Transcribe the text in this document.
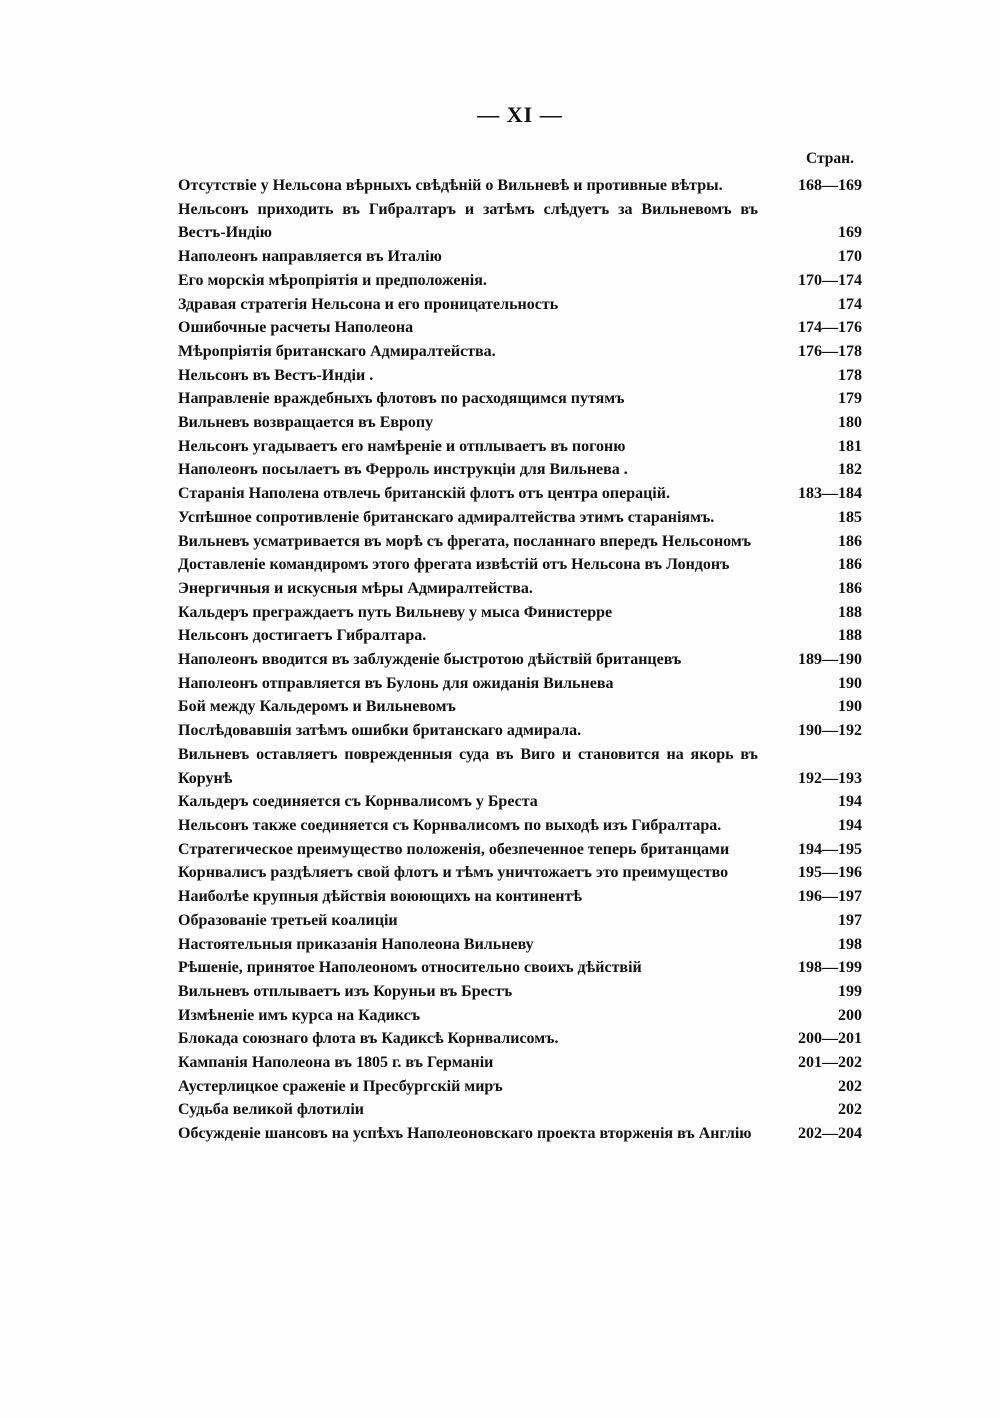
— XI —
Стран.
Отсутствіе у Нельсона вѣрныхъ свѣдѣній о Вильневѣ и противные вѣтры.	168—169
Нельсонъ приходить въ Гибралтаръ и затѣмъ слѣдуетъ за Вильневомъ въ Вестъ-Индію	169
Наполеонъ направляется въ Италію	170
Его морскія мѣропріятія и предположенія.	170—174
Здравая стратегія Нельсона и его проницательность	174
Ошибочные расчеты Наполеона	174—176
Мѣропріятія британскаго Адмиралтейства.	176—178
Нельсонъ въ Вестъ-Индіи .	178
Направленіе враждебныхъ флотовъ по расходящимся путямъ	179
Вильневъ возвращается въ Европу	180
Нельсонъ угадываетъ его намѣреніе и отплываетъ въ погоню	181
Наполеонъ посылаетъ въ Ферроль инструкціи для Вильнева .	182
Старанія Наполена отвлечь британскій флотъ отъ центра операцій.	183—184
Успѣшное сопротивленіе британскаго адмиралтейства этимъ стараніямъ.	185
Вильневъ усматривается въ морѣ съ фрегата, посланнаго впередъ Нельсономъ	186
Доставленіе командиромъ этого фрегата извѣстій отъ Нельсона въ Лондонъ	186
Энергичныя и искусныя мѣры Адмиралтейства.	186
Кальдеръ преграждаетъ путь Вильневу у мыса Финистерре	188
Нельсонъ достигаетъ Гибралтара.	188
Наполеонъ вводится въ заблужденіе быстротою дѣйствій британцевъ	189—190
Наполеонъ отправляется въ Булонь для ожиданія Вильнева	190
Бой между Кальдеромъ и Вильневомъ	190
Послѣдовавшія затѣмъ ошибки британскаго адмирала.	190—192
Вильневъ оставляетъ поврежденныя суда въ Виго и становится на якорь въ Корунѣ	192—193
Кальдеръ соединяется съ Корнвалисомъ у Бреста	194
Нельсонъ также соединяется съ Корнвалисомъ по выходѣ изъ Гибралтара.	194
Стратегическое преимущество положенія, обезпеченное теперь британцами	194—195
Корнвалисъ раздѣляетъ свой флотъ и тѣмъ уничтожаетъ это преимущество	195—196
Наиболѣе крупныя дѣйствія воюющихъ на континентѣ	196—197
Образованіе третьей коалиціи	197
Настоятельныя приказанія Наполеона Вильневу	198
Рѣшеніе, принятое Наполеономъ относительно своихъ дѣйствій	198—199
Вильневъ отплываетъ изъ Коруньи въ Брестъ	199
Измѣненіе имъ курса на Кадиксъ	200
Блокада союзнаго флота въ Кадиксѣ Корнвалисомъ.	200—201
Кампанія Наполеона въ 1805 г. въ Германіи	201—202
Аустерлицкое сраженіе и Пресбургскій миръ	202
Судьба великой флотиліи	202
Обсужденіе шансовъ на успѣхъ Наполеоновскаго проекта вторженія въ Англію	202—204
